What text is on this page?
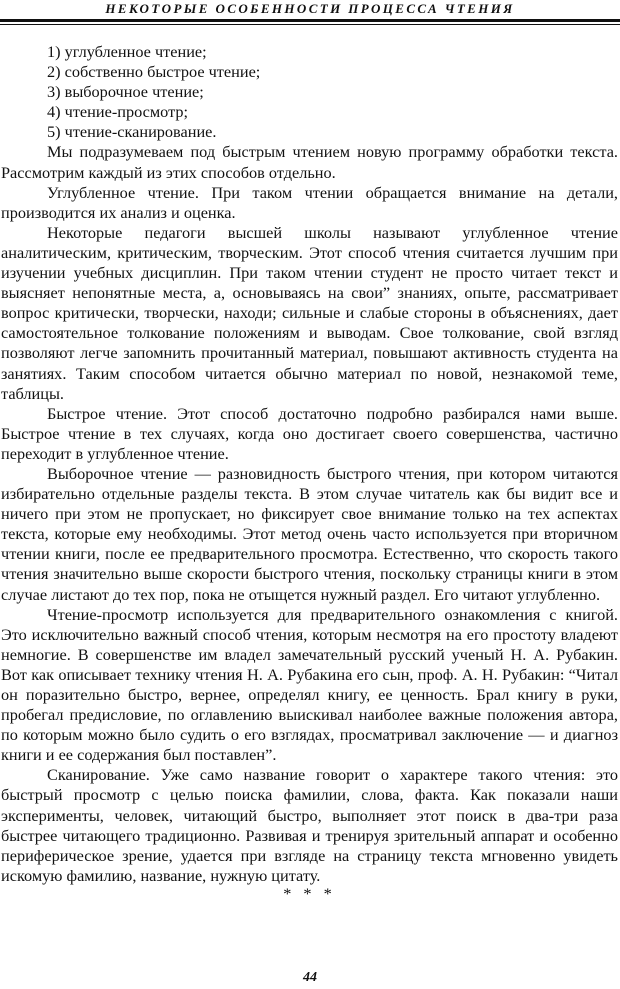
НЕКОТОРЫЕ ОСОБЕННОСТИ ПРОЦЕССА ЧТЕНИЯ

1) углубленное чтение;

2) собственно быстрое чтение;

3) выборочное чтение;

4) чтение-просмотр;

5) чтение-сканирование.

Мы подразумеваем под быстрым чтением новую программу обработки текста. Рассмотрим каждый из этих способов отдельно.

Углубленное чтение. При таком чтении обращается внимание на детали, производится их анализ и оценка.

Некоторые педагоги высшей школы называют углубленное чтение аналитическим, критическим, творческим. Этот способ чтения считается лучшим при изучении учебных дисциплин. При таком чтении студент не просто читает текст и выясняет непонятные места, а, основываясь на свои” знаниях, опыте, рассматривает вопрос критически, творчески, находи; сильные и слабые стороны в объяснениях, дает самостоятельное толкование положениям и выводам. Свое толкование, свой взгляд позволяют легче запомнить прочитанный материал, повышают активность студента на занятиях. Таким способом читается обычно материал по новой, незнакомой теме, таблицы.

Быстрое чтение. Этот способ достаточно подробно разбирался нами выше. Быстрое чтение в тех случаях, когда оно достигает своего совершенства, частично переходит в углубленное чтение.

Выборочное чтение — разновидность быстрого чтения, при котором читаются избирательно отдельные разделы текста. В этом случае читатель как бы видит все и ничего при этом не пропускает, но фиксирует свое внимание только на тех аспектах текста, которые ему необходимы. Этот метод очень часто используется при вторичном чтении книги, после ее предварительного просмотра. Естественно, что скорость такого чтения значительно выше скорости быстрого чтения, поскольку страницы книги в этом случае листают до тех пор, пока не отыщется нужный раздел. Его читают углубленно.

Чтение-просмотр используется для предварительного ознакомления с книгой. Это исключительно важный способ чтения, которым несмотря на его простоту владеют немногие. В совершенстве им владел замечательный русский ученый Н. А. Рубакин. Вот как описывает технику чтения Н. А. Рубакина его сын, проф. А. Н. Рубакин: “Читал он поразительно быстро, вернее, определял книгу, ее ценность. Брал книгу в руки, пробегал предисловие, по оглавлению выискивал наиболее важные положения автора, по которым можно было судить о его взглядах, просматривал заключение — и диагноз книги и ее содержания был поставлен”.

Сканирование. Уже само название говорит о характере такого чтения: это быстрый просмотр с целью поиска фамилии, слова, факта. Как показали наши эксперименты, человек, читающий быстро, выполняет этот поиск в два-три раза быстрее читающего традиционно. Развивая и тренируя зрительный аппарат и особенно периферическое зрение, удается при взгляде на страницу текста мгновенно увидеть искомую фамилию, название, нужную цитату.

* * *

44
